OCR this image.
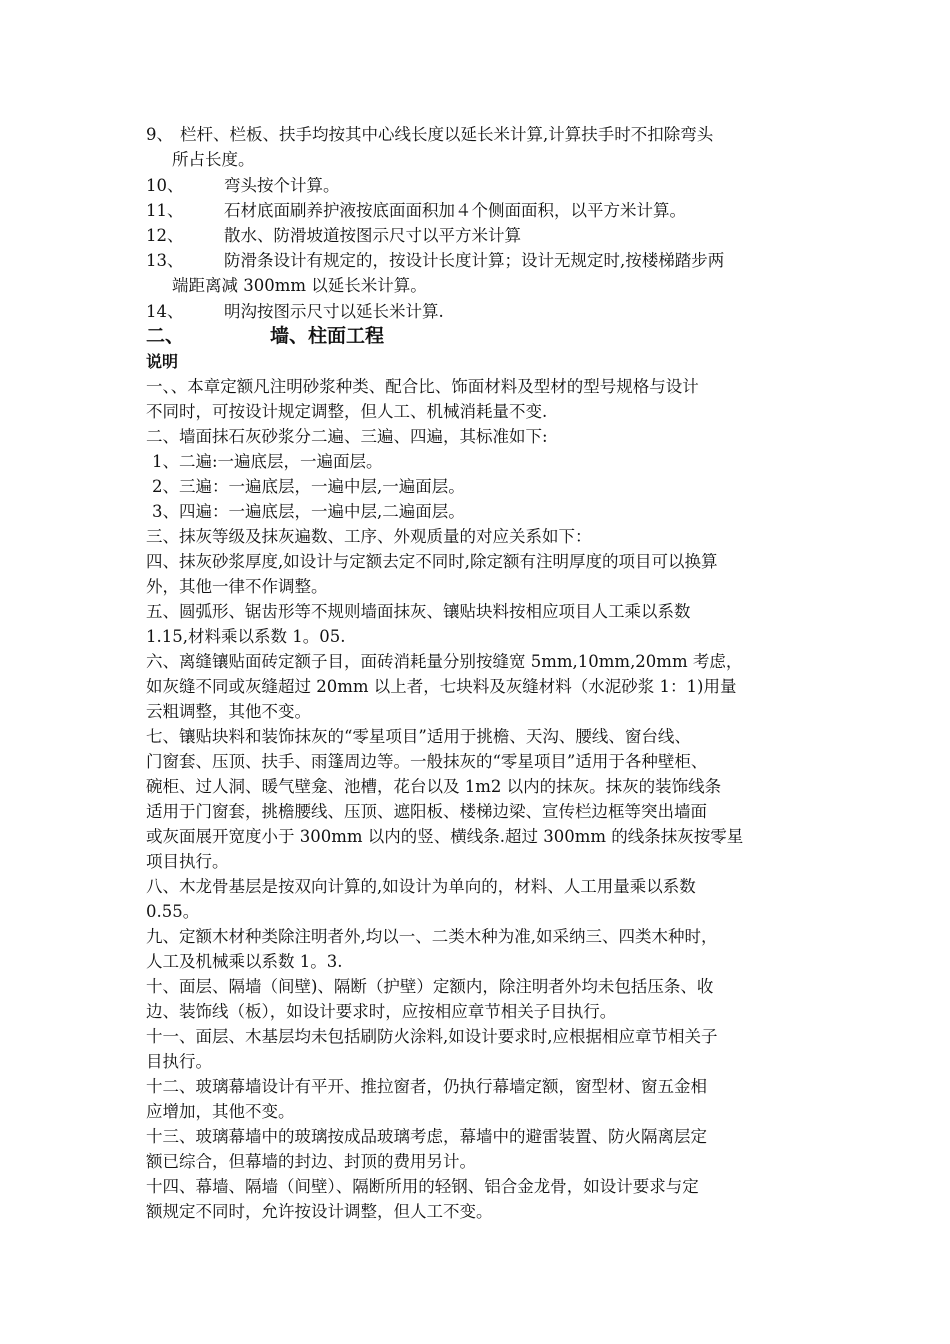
9、 栏杆、栏板、扶手均按其中心线长度以延长米计算,计算扶手时不扣除弯头
所占长度。
10、 弯头按个计算。
11、 石材底面刷养护液按底面面积加４个侧面面积，以平方米计算。
12、 散水、防滑坡道按图示尺寸以平方米计算
13、 防滑条设计有规定的，按设计长度计算；设计无规定时,按楼梯踏步两
端距离减 300mm 以延长米计算。
14、 明沟按图示尺寸以延长米计算.
二、	墙、柱面工程
说明
一、、本章定额凡注明砂浆种类、配合比、饰面材料及型材的型号规格与设计
不同时，可按设计规定调整，但人工、机械消耗量不变.
二、墙面抹石灰砂浆分二遍、三遍、四遍，其标准如下:
1、二遍:一遍底层，一遍面层。
2、三遍：一遍底层，一遍中层,一遍面层。
3、四遍：一遍底层，一遍中层,二遍面层。
三、抹灰等级及抹灰遍数、工序、外观质量的对应关系如下：
四、抹灰砂浆厚度,如设计与定额去定不同时,除定额有注明厚度的项目可以换算
外，其他一律不作调整。
五、圆弧形、锯齿形等不规则墙面抹灰、镶贴块料按相应项目人工乘以系数
1.15,材料乘以系数 1。05.
六、离缝镶贴面砖定额子目，面砖消耗量分别按缝宽 5mm,10mm,20mm 考虑，
如灰缝不同或灰缝超过 20mm 以上者，七块料及灰缝材料（水泥砂浆 1：1)用量
云粗调整，其他不变。
七、镶贴块料和装饰抹灰的“零星项目”适用于挑檐、天沟、腰线、窗台线、
门窗套、压顶、扶手、雨篷周边等。一般抹灰的“零星项目”适用于各种壁柜、
碗柜、过人洞、暖气壁龛、池槽，花台以及 1m2 以内的抹灰。抹灰的装饰线条
适用于门窗套，挑檐腰线、压顶、遮阳板、楼梯边梁、宣传栏边框等突出墙面
或灰面展开宽度小于 300mm 以内的竖、横线条.超过 300mm 的线条抹灰按零星
项目执行。
八、木龙骨基层是按双向计算的,如设计为单向的，材料、人工用量乘以系数
0.55。
九、定额木材种类除注明者外,均以一、二类木种为准,如采纳三、四类木种时，
人工及机械乘以系数 1。3.
十、面层、隔墙（间壁)、隔断（护壁）定额内，除注明者外均未包括压条、收
边、装饰线（板），如设计要求时，应按相应章节相关子目执行。
十一、面层、木基层均未包括刷防火涂料,如设计要求时,应根据相应章节相关子
目执行。
十二、玻璃幕墙设计有平开、推拉窗者，仍执行幕墙定额，窗型材、窗五金相
应增加，其他不变。
十三、玻璃幕墙中的玻璃按成品玻璃考虑，幕墙中的避雷装置、防火隔离层定
额已综合，但幕墙的封边、封顶的费用另计。
十四、幕墙、隔墙（间壁）、隔断所用的轻钢、铝合金龙骨，如设计要求与定
额规定不同时，允许按设计调整，但人工不变。
